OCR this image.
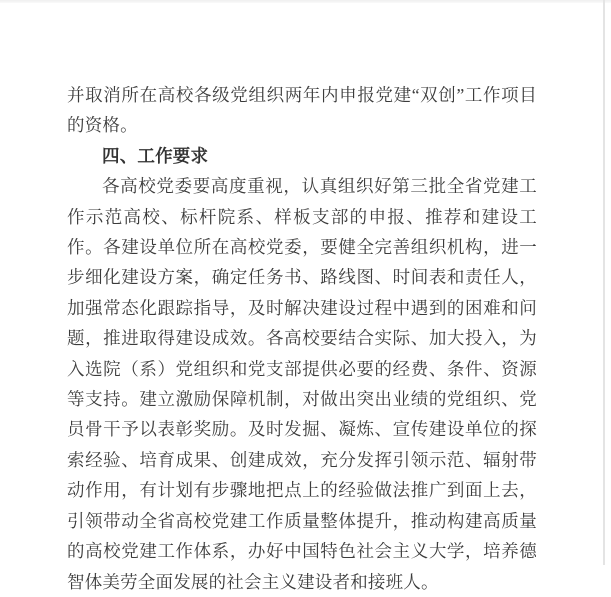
并取消所在高校各级党组织两年内申报党建“双创”工作项目的资格。

四、工作要求

各高校党委要高度重视，认真组织好第三批全省党建工作示范高校、标杆院系、样板支部的申报、推荐和建设工作。各建设单位所在高校党委，要健全完善组织机构，进一步细化建设方案，确定任务书、路线图、时间表和责任人，加强常态化跟踪指导，及时解决建设过程中遇到的困难和问题，推进取得建设成效。各高校要结合实际、加大投入，为入选院（系）党组织和党支部提供必要的经费、条件、资源等支持。建立激励保障机制，对做出突出业绩的党组织、党员骨干予以表彰奖励。及时发掘、凝炼、宣传建设单位的探索经验、培育成果、创建成效，充分发挥引领示范、辐射带动作用，有计划有步骤地把点上的经验做法推广到面上去，引领带动全省高校党建工作质量整体提升，推动构建高质量的高校党建工作体系，办好中国特色社会主义大学，培养德智体美劳全面发展的社会主义建设者和接班人。
